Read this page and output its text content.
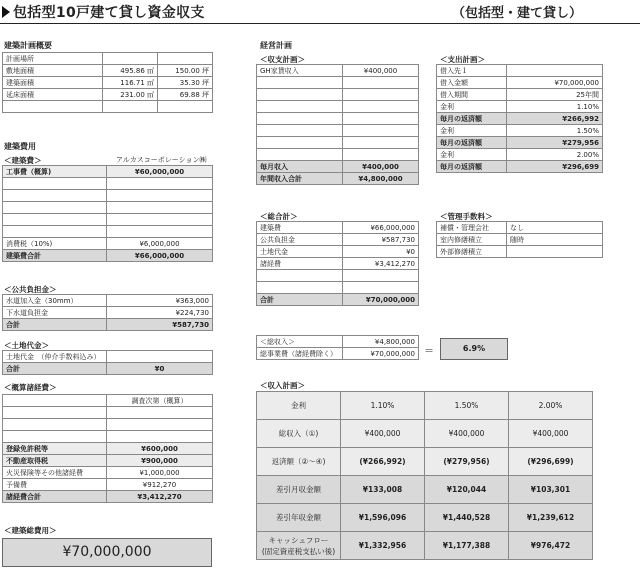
包括型10戸建て貸し資金収支	（包括型・建て貸し）
建築計画概要
計画場所		
敷地面積	495.86 ㎡	150.00 坪
建築面積	116.71 ㎡	35.30 坪
延床面積	231.00 ㎡	69.88 坪

建築費用
＜建築費＞	アルカスコーポレーション㈱
工事費（概算)	¥60,000,000

消費税（10%)	¥6,000,000
建築費合計	¥66,000,000
＜公共負担金＞
水道加入金（30mm）	¥363,000
下水道負担金	¥224,730
合計	¥587,730
＜土地代金＞
土地代金　（仲介手数料込み）	
合計	¥0
＜概算諸経費＞
	調査次第（概算）

登録免許税等	¥600,000
不動産取得税	¥900,000
火災保険等その他諸経費	¥1,000,000
予備費	¥912,270
諸経費合計	¥3,412,270
＜建築総費用＞
¥70,000,000
経営計画
＜収支計画＞
GH家賃収入	¥400,000

毎月収入	¥400,000
年間収入合計	¥4,800,000
＜支出計画＞
借入先１	
借入金額	¥70,000,000
借入期間	25年間
金利	1.10%
毎月の返済額	¥266,992
金利	1.50%
毎月の返済額	¥279,956
金利	2.00%
毎月の返済額	¥296,699
＜総合計＞
建築費	¥66,000,000
公共負担金	¥587,730
土地代金	¥0
諸経費	¥3,412,270

合計	¥70,000,000
＜管理手数料＞
補償・管理会社	なし
室内修繕積立	随時
外部修繕積立	
＜総収入＞	¥4,800,000
総事業費（諸経費除く）	¥70,000,000 ＝	6.9%
＜収入計画＞
金利	1.10%	1.50%	2.00%
総収入（①)	¥400,000	¥400,000	¥400,000
返済額（②〜④)	(¥266,992)	(¥279,956)	(¥296,699)
差引月収金額	¥133,008	¥120,044	¥103,301
差引年収金額	¥1,596,096	¥1,440,528	¥1,239,612
キャッシュフロー
(固定資産税支払い後)	¥1,332,956	¥1,177,388	¥976,472
